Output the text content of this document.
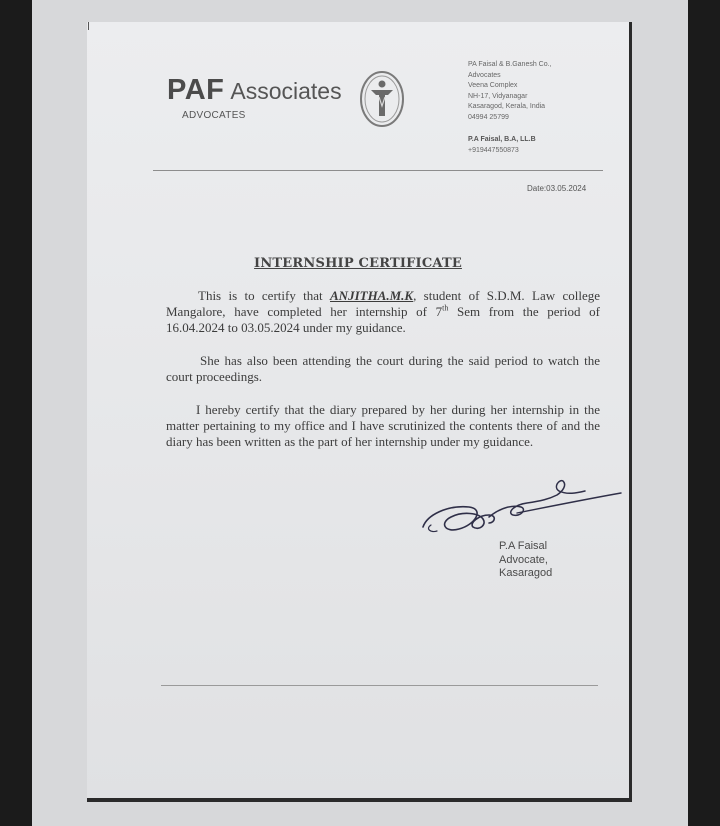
PAF Associates
ADVOCATES
PA Faisal & B.Ganesh Co.,
Advocates
Veena Complex
NH-17, Vidyanagar
Kasaragod, Kerala, India
04994 25799
P.A Faisal, B.A, LL.B
+919447550873
Date:03.05.2024
INTERNSHIP CERTIFICATE
This is to certify that ANJITHA.M.K, student of S.D.M. Law college Mangalore, have completed her internship of 7th Sem from the period of 16.04.2024 to 03.05.2024 under my guidance.
She has also been attending the court during the said period to watch the court proceedings.
I hereby certify that the diary prepared by her during her internship in the matter pertaining to my office and I have scrutinized the contents there of and the diary has been written as the part of her internship under my guidance.
P.A Faisal
Advocate,
Kasaragod
